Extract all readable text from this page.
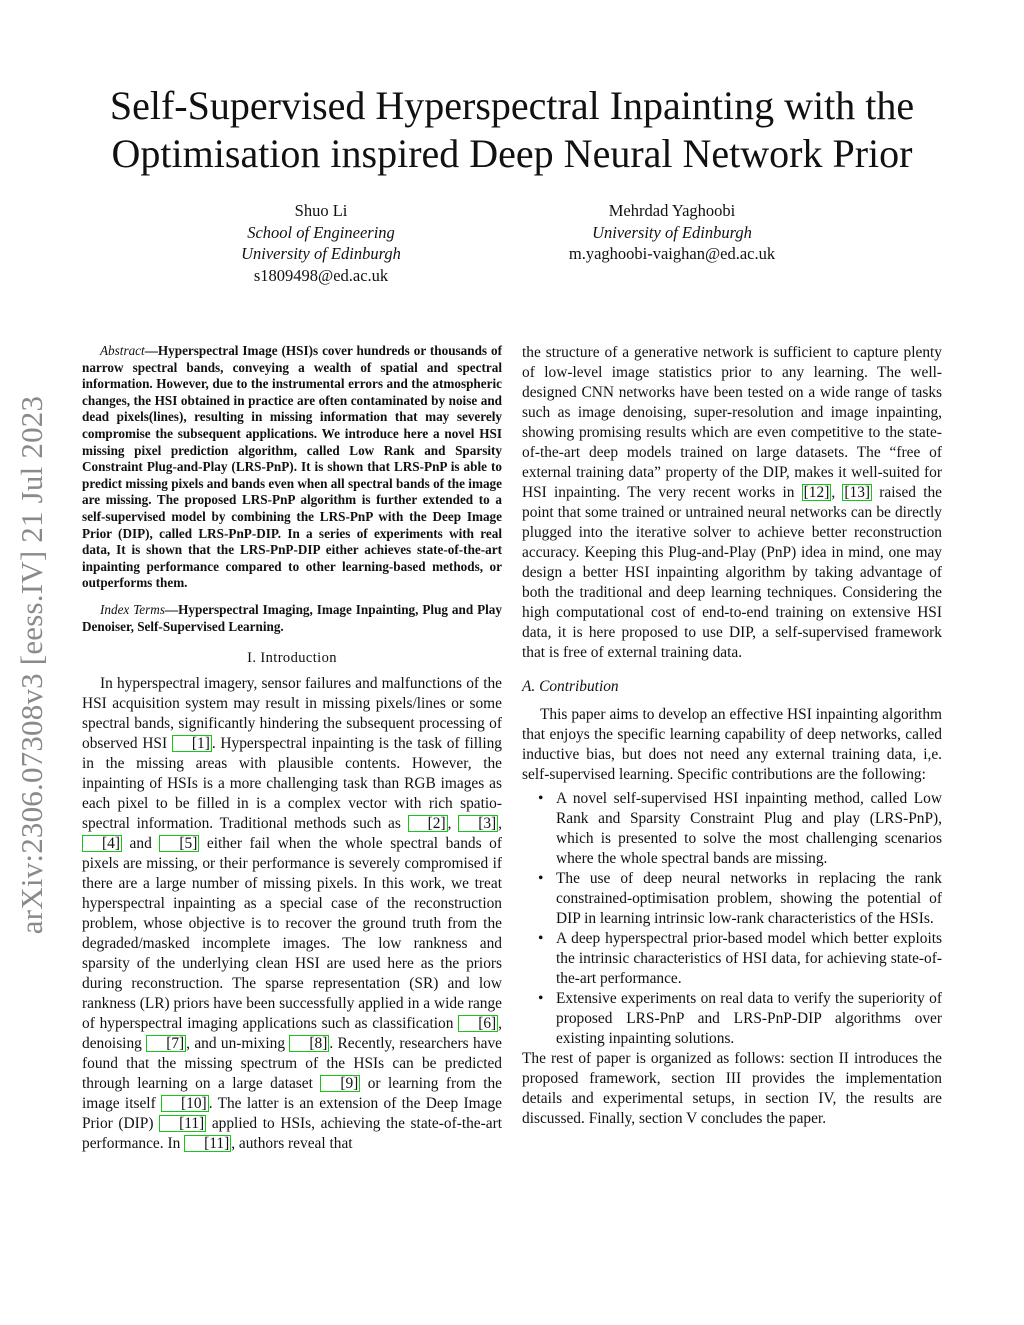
arXiv:2306.07308v3 [eess.IV] 21 Jul 2023
Self-Supervised Hyperspectral Inpainting with the
Optimisation inspired Deep Neural Network Prior
Shuo Li
School of Engineering
University of Edinburgh
s1809498@ed.ac.uk
Mehrdad Yaghoobi
University of Edinburgh
m.yaghoobi-vaighan@ed.ac.uk

Abstract—Hyperspectral Image (HSI)s cover hundreds or thousands of narrow spectral bands, conveying a wealth of spatial and spectral information. However, due to the instrumental errors and the atmospheric changes, the HSI obtained in practice are often contaminated by noise and dead pixels(lines), resulting in missing information that may severely compromise the subsequent applications. We introduce here a novel HSI missing pixel prediction algorithm, called Low Rank and Sparsity Constraint Plug-and-Play (LRS-PnP). It is shown that LRS-PnP is able to predict missing pixels and bands even when all spectral bands of the image are missing. The proposed LRS-PnP algorithm is further extended to a self-supervised model by combining the LRS-PnP with the Deep Image Prior (DIP), called LRS-PnP-DIP. In a series of experiments with real data, It is shown that the LRS-PnP-DIP either achieves state-of-the-art inpainting performance compared to other learning-based methods, or outperforms them.

Index Terms—Hyperspectral Imaging, Image Inpainting, Plug and Play Denoiser, Self-Supervised Learning.

I. Introduction

In hyperspectral imagery, sensor failures and malfunctions of the HSI acquisition system may result in missing pixels/lines or some spectral bands, significantly hindering the subsequent processing of observed HSI [1] . Hyperspectral inpainting is the task of filling in the missing areas with plausible contents. However, the inpainting of HSIs is a more challenging task than RGB images as each pixel to be filled in is a complex vector with rich spatio-spectral information. Traditional methods such as [2] , [3] , [4] and [5] either fail when the whole spectral bands of pixels are missing, or their performance is severely compromised if there are a large number of missing pixels. In this work, we treat hyperspectral inpainting as a special case of the reconstruction problem, whose objective is to recover the ground truth from the degraded/masked incomplete images. The low rankness and sparsity of the underlying clean HSI are used here as the priors during reconstruction. The sparse representation (SR) and low rankness (LR) priors have been successfully applied in a wide range of hyperspectral imaging applications such as classification [6] , denoising [7] , and un-mixing [8] . Recently, researchers have found that the missing spectrum of the HSIs can be predicted through learning on a large dataset [9] or learning from the image itself [10] . The latter is an extension of the Deep Image Prior (DIP) [11] applied to HSIs, achieving the state-of-the-art performance. In [11] , authors reveal that

the structure of a generative network is sufficient to capture plenty of low-level image statistics prior to any learning. The well-designed CNN networks have been tested on a wide range of tasks such as image denoising, super-resolution and image inpainting, showing promising results which are even competitive to the state-of-the-art deep models trained on large datasets. The “free of external training data” property of the DIP, makes it well-suited for HSI inpainting. The very recent works in [12] , [13] raised the point that some trained or untrained neural networks can be directly plugged into the iterative solver to achieve better reconstruction accuracy. Keeping this Plug-and-Play (PnP) idea in mind, one may design a better HSI inpainting algorithm by taking advantage of both the traditional and deep learning techniques. Considering the high computational cost of end-to-end training on extensive HSI data, it is here proposed to use DIP, a self-supervised framework that is free of external training data.

A. Contribution

This paper aims to develop an effective HSI inpainting algorithm that enjoys the specific learning capability of deep networks, called inductive bias, but does not need any external training data, i,e. self-supervised learning. Specific contributions are the following:

• A novel self-supervised HSI inpainting method, called Low Rank and Sparsity Constraint Plug and play (LRS-PnP), which is presented to solve the most challenging scenarios where the whole spectral bands are missing.
• The use of deep neural networks in replacing the rank constrained-optimisation problem, showing the potential of DIP in learning intrinsic low-rank characteristics of the HSIs.
• A deep hyperspectral prior-based model which better exploits the intrinsic characteristics of HSI data, for achieving state-of-the-art performance.
• Extensive experiments on real data to verify the superiority of proposed LRS-PnP and LRS-PnP-DIP algorithms over existing inpainting solutions.

The rest of paper is organized as follows: section II introduces the proposed framework, section III provides the implementation details and experimental setups, in section IV, the results are discussed. Finally, section V concludes the paper.
